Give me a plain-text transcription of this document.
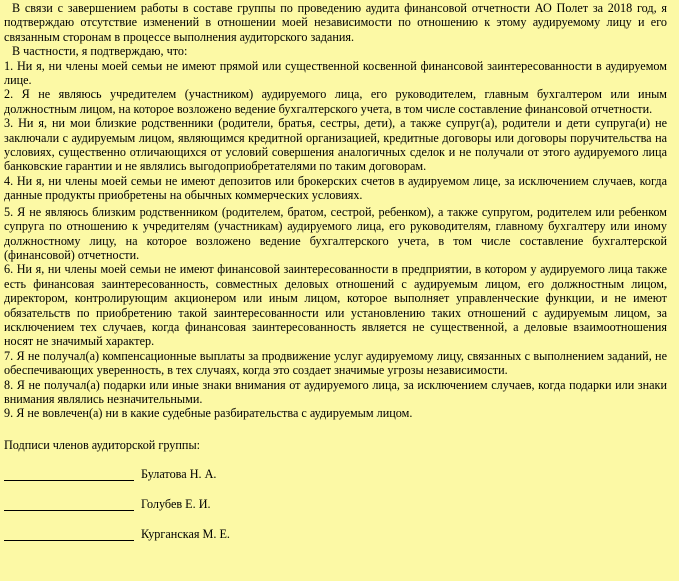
В связи с завершением работы в составе группы по проведению аудита финансовой отчетности АО Полет за 2018 год, я подтверждаю отсутствие изменений в отношении моей независимости по отношению к этому аудируемому лицу и его связанным сторонам в процессе выполнения аудиторского задания.

В частности, я подтверждаю, что:

1. Ни я, ни члены моей семьи не имеют прямой или существенной косвенной финансовой заинтересованности в аудируемом лице.

2. Я не являюсь учредителем (участником) аудируемого лица, его руководителем, главным бухгалтером или иным должностным лицом, на которое возложено ведение бухгалтерского учета, в том числе составление финансовой отчетности.

3. Ни я, ни мои близкие родственники (родители, братья, сестры, дети), а также супруг(а), родители и дети супруга(и) не заключали с аудируемым лицом, являющимся кредитной организацией, кредитные договоры или договоры поручительства на условиях, существенно отличающихся от условий совершения аналогичных сделок и не получали от этого аудируемого лица банковские гарантии и не являлись выгодоприобретателями по таким договорам.

4. Ни я, ни члены моей семьи не имеют депозитов или брокерских счетов в аудируемом лице, за исключением случаев, когда данные продукты приобретены на обычных коммерческих условиях.

5. Я не являюсь близким родственником (родителем, братом, сестрой, ребенком), а также супругом, родителем или ребенком супруга по отношению к учредителям (участникам) аудируемого лица, его руководителям, главному бухгалтеру или иному должностному лицу, на которое возложено ведение бухгалтерского учета, в том числе составление бухгалтерской (финансовой) отчетности.

6. Ни я, ни члены моей семьи не имеют финансовой заинтересованности в предприятии, в котором у аудируемого лица также есть финансовая заинтересованность, совместных деловых отношений с аудируемым лицом, его должностным лицом, директором, контролирующим акционером или иным лицом, которое выполняет управленческие функции, и не имеют обязательств по приобретению такой заинтересованности или установлению таких отношений с аудируемым лицом, за исключением тех случаев, когда финансовая заинтересованность является не существенной, а деловые взаимоотношения носят не значимый характер.

7. Я не получал(а) компенсационные выплаты за продвижение услуг аудируемому лицу, связанных с выполнением заданий, не обеспечивающих уверенность, в тех случаях, когда это создает значимые угрозы независимости.

8. Я не получал(а) подарки или иные знаки внимания от аудируемого лица, за исключением случаев, когда подарки или знаки внимания являлись незначительными.

9. Я не вовлечен(а) ни в какие судебные разбирательства с аудируемым лицом.

Подписи членов аудиторской группы:

Булатова Н. А.
Голубев Е. И.
Курганская М. Е.
